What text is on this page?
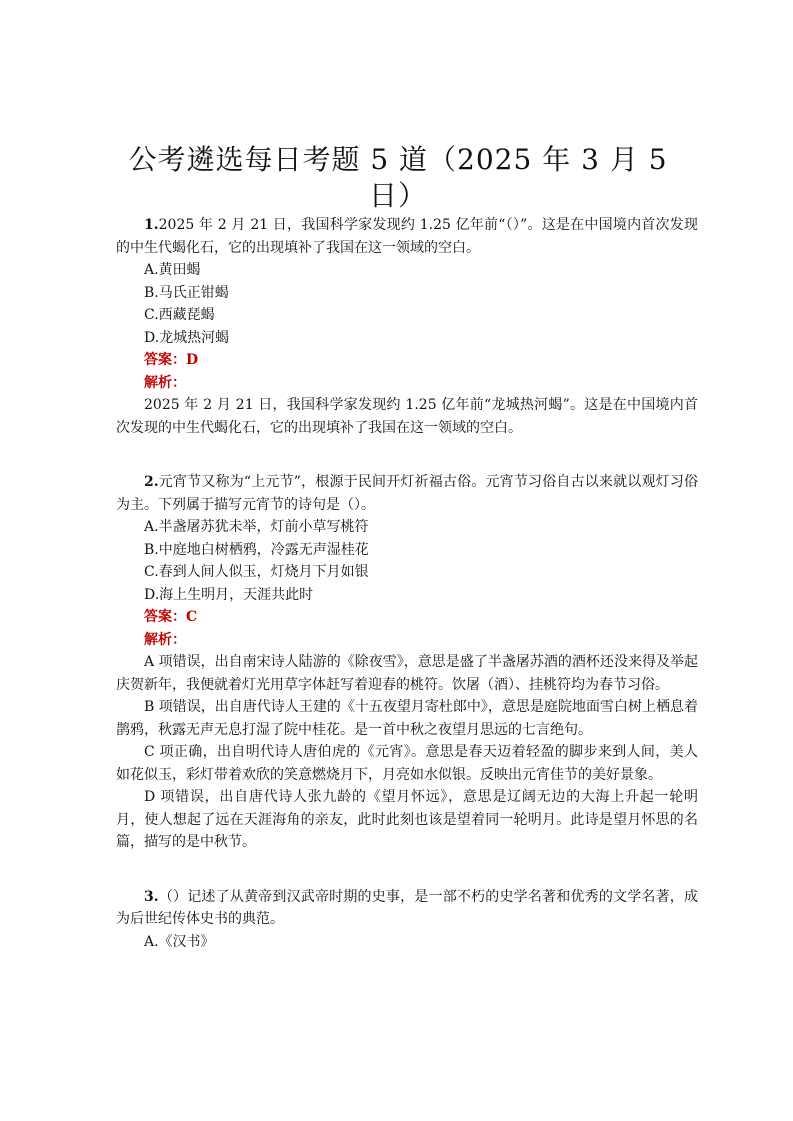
公考遴选每日考题 5 道（2025 年 3 月 5
日）

1.2025 年 2 月 21 日，我国科学家发现约 1.25 亿年前“（）”。这是在中国境内首次发现的中生代蝎化石，它的出现填补了我国在这一领域的空白。

A.黄田蝎

B.马氏正钳蝎

C.西藏琵蝎

D.龙城热河蝎

答案：D

解析：

2025 年 2 月 21 日，我国科学家发现约 1.25 亿年前“龙城热河蝎”。这是在中国境内首次发现的中生代蝎化石，它的出现填补了我国在这一领域的空白。

2.元宵节又称为“上元节”，根源于民间开灯祈福古俗。元宵节习俗自古以来就以观灯习俗为主。下列属于描写元宵节的诗句是（）。

A.半盏屠苏犹未举，灯前小草写桃符

B.中庭地白树栖鸦，冷露无声湿桂花

C.春到人间人似玉，灯烧月下月如银

D.海上生明月，天涯共此时

答案：C

解析：

A 项错误，出自南宋诗人陆游的《除夜雪》，意思是盛了半盏屠苏酒的酒杯还没来得及举起庆贺新年，我便就着灯光用草字体赶写着迎春的桃符。饮屠（酒）、挂桃符均为春节习俗。

B 项错误，出自唐代诗人王建的《十五夜望月寄杜郎中》，意思是庭院地面雪白树上栖息着鹊鸦，秋露无声无息打湿了院中桂花。是一首中秋之夜望月思远的七言绝句。

C 项正确，出自明代诗人唐伯虎的《元宵》。意思是春天迈着轻盈的脚步来到人间，美人如花似玉，彩灯带着欢欣的笑意燃烧月下，月亮如水似银。反映出元宵佳节的美好景象。

D 项错误，出自唐代诗人张九龄的《望月怀远》，意思是辽阔无边的大海上升起一轮明月，使人想起了远在天涯海角的亲友，此时此刻也该是望着同一轮明月。此诗是望月怀思的名篇，描写的是中秋节。

3.（）记述了从黄帝到汉武帝时期的史事，是一部不朽的史学名著和优秀的文学名著，成为后世纪传体史书的典范。

A.《汉书》
